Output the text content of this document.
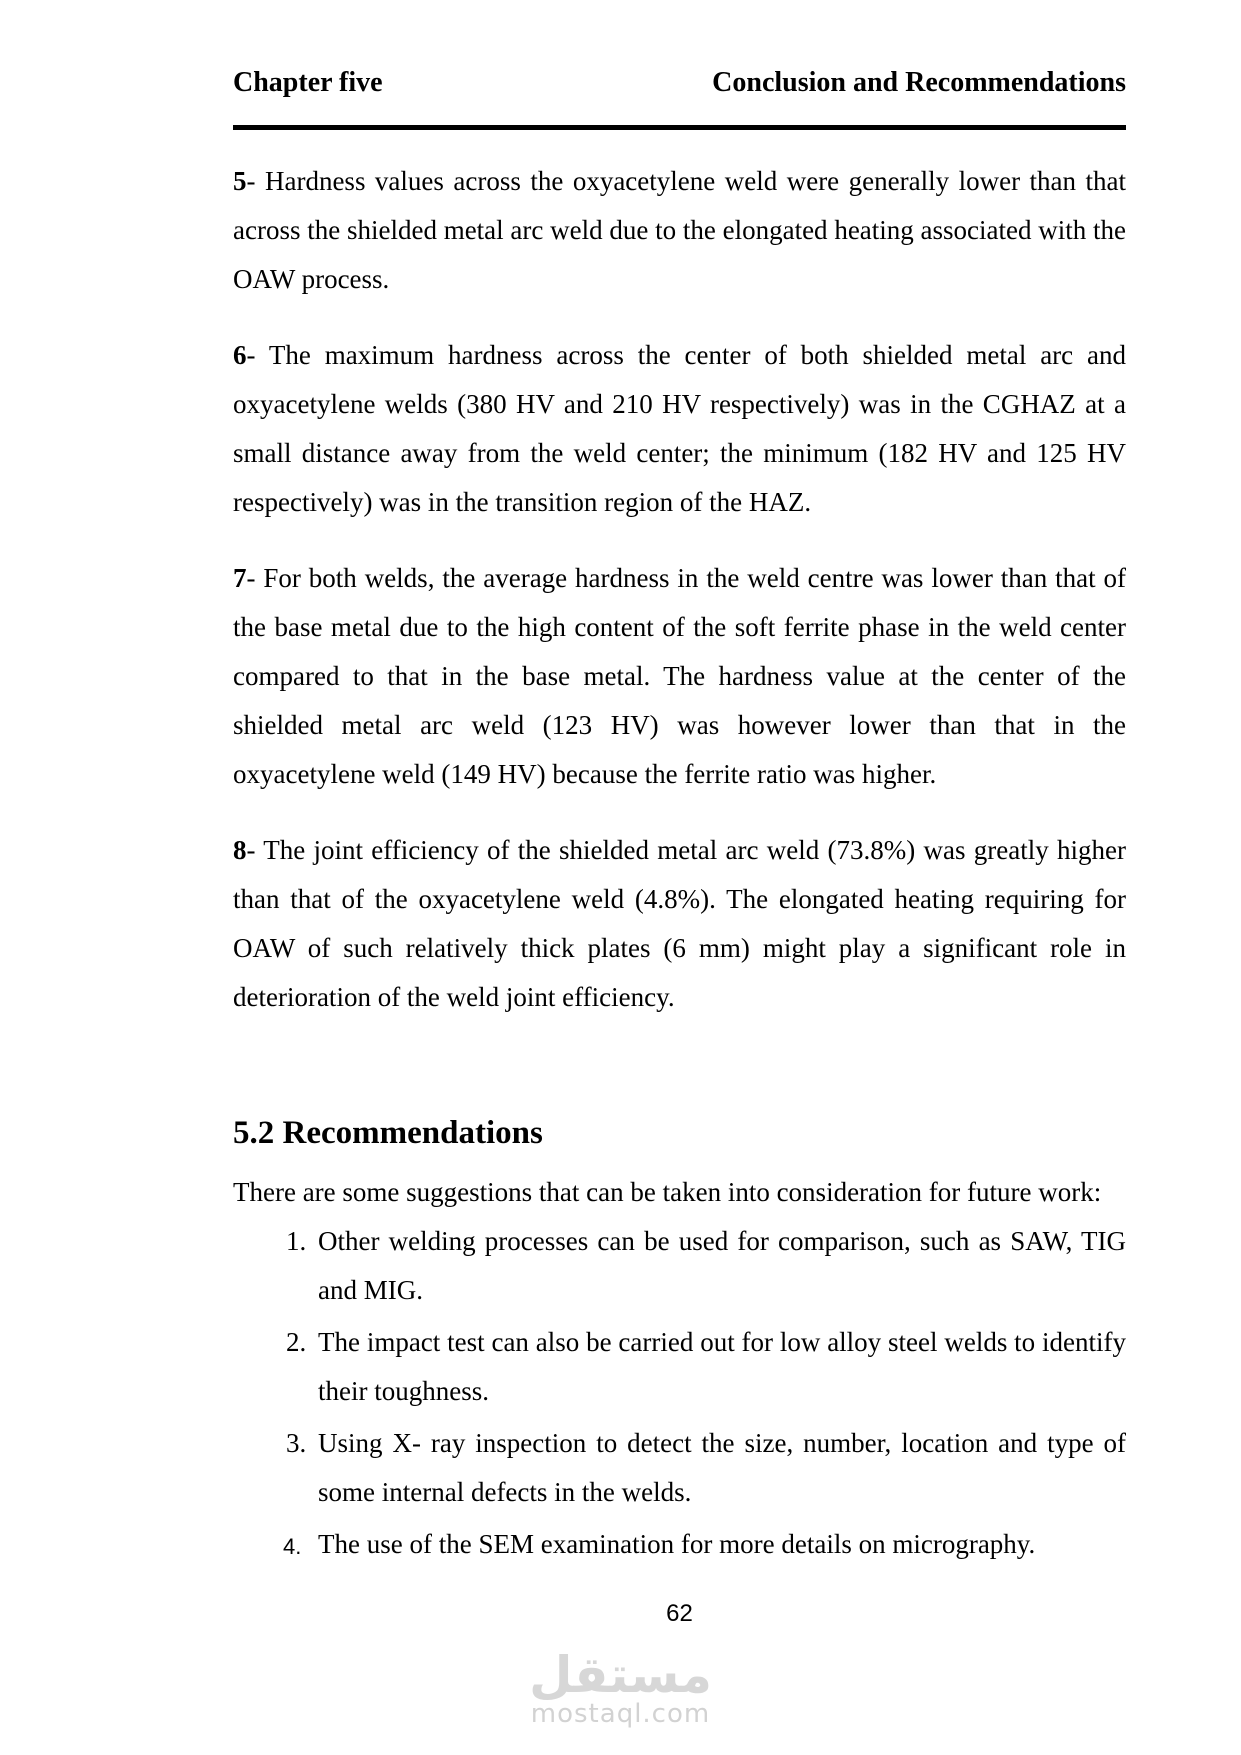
Chapter five	Conclusion and Recommendations
5- Hardness values across the oxyacetylene weld were generally lower than that across the shielded metal arc weld due to the elongated heating associated with the OAW process.
6- The maximum hardness across the center of both shielded metal arc and oxyacetylene welds (380 HV and 210 HV respectively) was in the CGHAZ at a small distance away from the weld center; the minimum (182 HV and 125 HV respectively) was in the transition region of the HAZ.
7- For both welds, the average hardness in the weld centre was lower than that of the base metal due to the high content of the soft ferrite phase in the weld center compared to that in the base metal. The hardness value at the center of the shielded metal arc weld (123 HV) was however lower than that in the oxyacetylene weld (149 HV) because the ferrite ratio was higher.
8- The joint efficiency of the shielded metal arc weld (73.8%) was greatly higher than that of the oxyacetylene weld (4.8%). The elongated heating requiring for OAW of such relatively thick plates (6 mm) might play a significant role in deterioration of the weld joint efficiency.
5.2 Recommendations
There are some suggestions that can be taken into consideration for future work:
1. Other welding processes can be used for comparison, such as SAW, TIG and MIG.
2. The impact test can also be carried out for low alloy steel welds to identify their toughness.
3. Using X- ray inspection to detect the size, number, location and type of some internal defects in the welds.
4. The use of the SEM examination for more details on micrography.
62
مستقل
mostaql.com
